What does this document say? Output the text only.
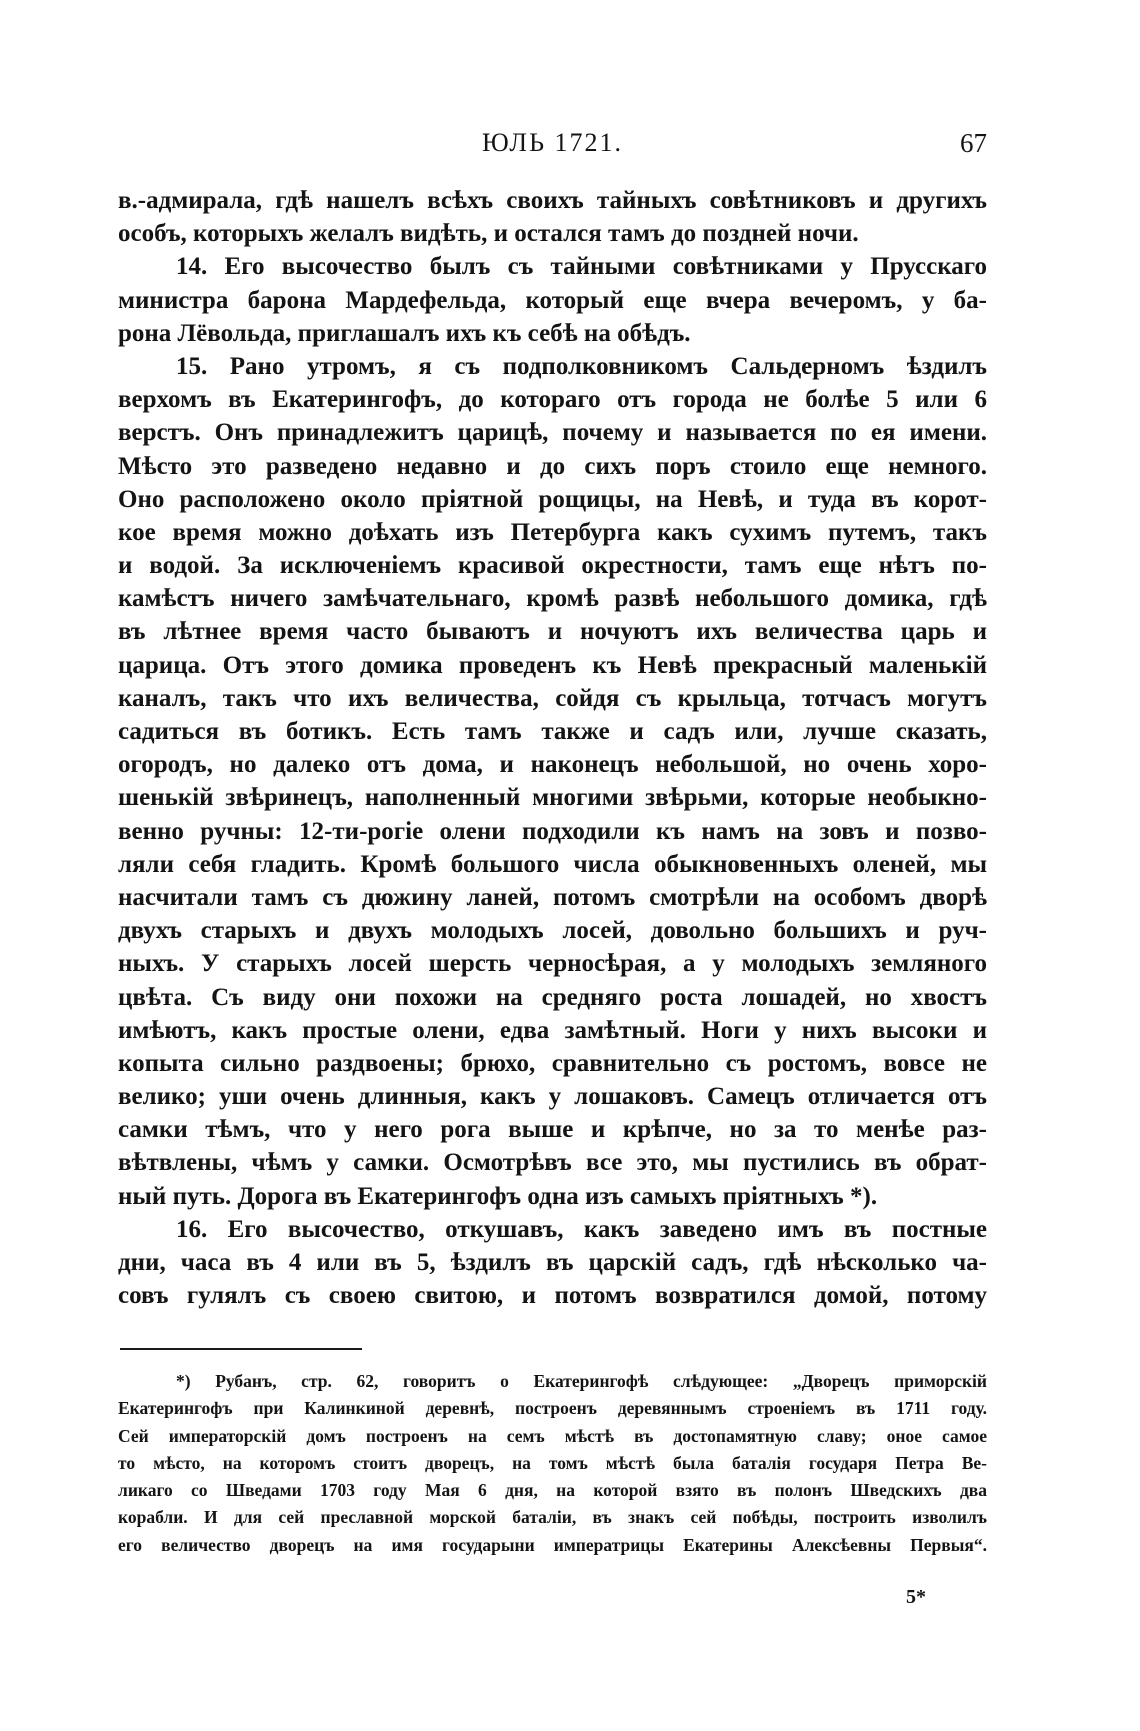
ЮЛЬ 1721.	67
в.-адмирала, гдѣ нашелъ всѣхъ своихъ тайныхъ совѣтниковъ и другихъ
особъ, которыхъ желалъ видѣть, и остался тамъ до поздней ночи.
14. Его высочество былъ съ тайными совѣтниками у Прусскаго
министра барона Мардефельда, который еще вчера вечеромъ, у ба-
рона Лёвольда, приглашалъ ихъ къ себѣ на обѣдъ.
15. Рано утромъ, я съ подполковникомъ Сальдерномъ ѣздилъ
верхомъ въ Екатерингофъ, до котораго отъ города не болѣе 5 или 6
верстъ. Онъ принадлежитъ царицѣ, почему и называется по ея имени.
Мѣсто это разведено недавно и до сихъ поръ стоило еще немного.
Оно расположено около пріятной рощицы, на Невѣ, и туда въ корот-
кое время можно доѣхать изъ Петербурга какъ сухимъ путемъ, такъ
и водой. За исключеніемъ красивой окрестности, тамъ еще нѣтъ по-
камѣстъ ничего замѣчательнаго, кромѣ развѣ небольшого домика, гдѣ
въ лѣтнее время часто бываютъ и ночуютъ ихъ величества царь и
царица. Отъ этого домика проведенъ къ Невѣ прекрасный маленькій
каналъ, такъ что ихъ величества, сойдя съ крыльца, тотчасъ могутъ
садиться въ ботикъ. Есть тамъ также и садъ или, лучше сказать,
огородъ, но далеко отъ дома, и наконецъ небольшой, но очень хоро-
шенькій звѣринецъ, наполненный многими звѣрьми, которые необыкно-
венно ручны: 12-ти-рогіе олени подходили къ намъ на зовъ и позво-
ляли себя гладить. Кромѣ большого числа обыкновенныхъ оленей, мы
насчитали тамъ съ дюжину ланей, потомъ смотрѣли на особомъ дворѣ
двухъ старыхъ и двухъ молодыхъ лосей, довольно большихъ и руч-
ныхъ. У старыхъ лосей шерсть черносѣрая, а у молодыхъ земляного
цвѣта. Съ виду они похожи на средняго роста лошадей, но хвостъ
имѣютъ, какъ простые олени, едва замѣтный. Ноги у нихъ высоки и
копыта сильно раздвоены; брюхо, сравнительно съ ростомъ, вовсе не
велико; уши очень длинныя, какъ у лошаковъ. Самецъ отличается отъ
самки тѣмъ, что у него рога выше и крѣпче, но за то менѣе раз-
вѣтвлены, чѣмъ у самки. Осмотрѣвъ все это, мы пустились въ обрат-
ный путь. Дорога въ Екатерингофъ одна изъ самыхъ пріятныхъ *).
16. Его высочество, откушавъ, какъ заведено имъ въ постные
дни, часа въ 4 или въ 5, ѣздилъ въ царскій садъ, гдѣ нѣсколько ча-
совъ гулялъ съ своею свитою, и потомъ возвратился домой, потому
*) Рубанъ, стр. 62, говоритъ о Екатерингофѣ слѣдующее: „Дворецъ приморскій
Екатерингофъ при Калинкиной деревнѣ, построенъ деревяннымъ строеніемъ въ 1711 году.
Сей императорскій домъ построенъ на семъ мѣстѣ въ достопамятную славу; оное самое
то мѣсто, на которомъ стоитъ дворецъ, на томъ мѣстѣ была баталія государя Петра Ве-
ликаго со Шведами 1703 году Мая 6 дня, на которой взято въ полонъ Шведскихъ два
корабли. И для сей преславной морской баталіи, въ знакъ сей побѣды, построить изволилъ
его величество дворецъ на имя государыни императрицы Екатерины Алексѣевны Первыя“.
5*
